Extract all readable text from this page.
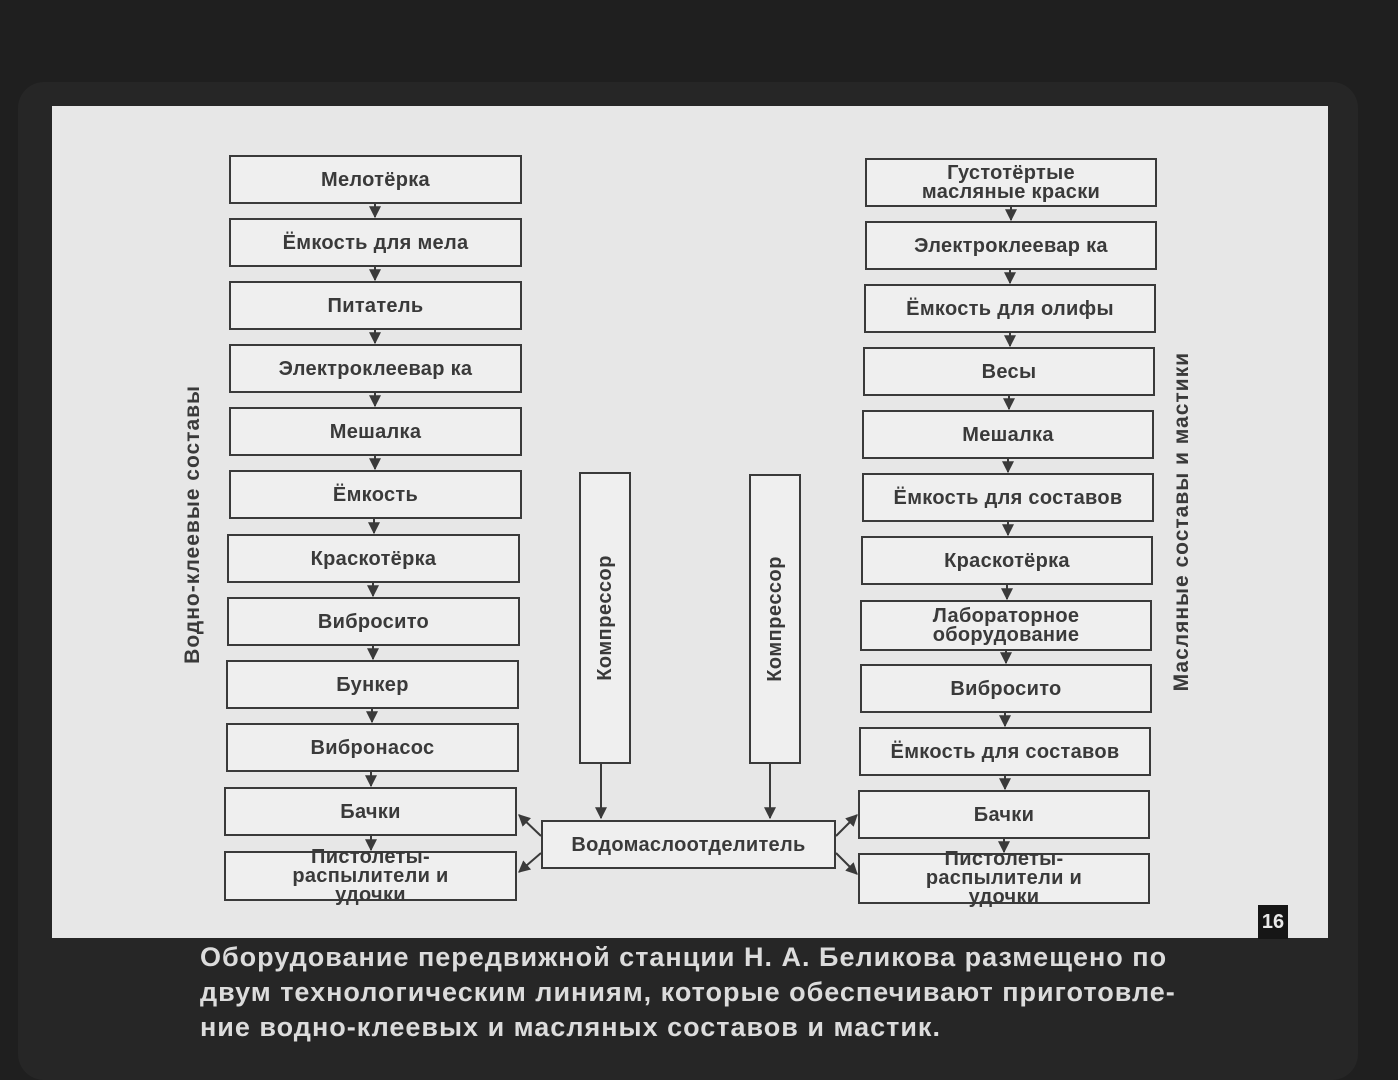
Водно-клеевые составы	Масляные составы и мастики
Мелотёрка
Ёмкость для мела
Питатель
Электроклеевар ка
Мешалка
Ёмкость
Краскотёрка
Вибросито
Бункер
Вибронасос
Бачки
Пистолеты-распылители и удочки
Густотёртые масляные краски
Электроклеевар ка
Ёмкость для олифы
Весы
Мешалка
Ёмкость для составов
Краскотёрка
Лабораторное оборудование
Вибросито
Ёмкость для составов
Бачки
Пистолеты-распылители и удочки
Компрессор	Компрессор
Водомаслоотделитель
16

Оборудование передвижной станции Н. А. Беликова размещено по

двум технологическим линиям, которые обеспечивают приготовле-

ние водно-клеевых и масляных составов и мастик.
